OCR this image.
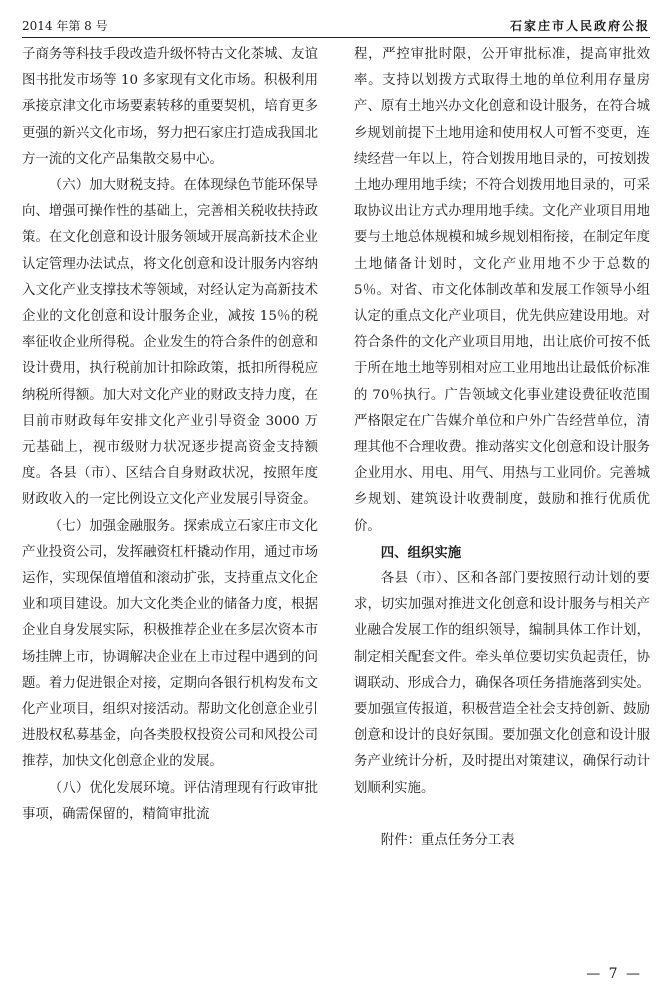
2014 年第 8 号	石家庄市人民政府公报

子商务等科技手段改造升级怀特古文化茶城、友谊图书批发市场等 10 多家现有文化市场。积极利用承接京津文化市场要素转移的重要契机，培育更多更强的新兴文化市场，努力把石家庄打造成我国北方一流的文化产品集散交易中心。

（六）加大财税支持。在体现绿色节能环保导向、增强可操作性的基础上，完善相关税收扶持政策。在文化创意和设计服务领域开展高新技术企业认定管理办法试点，将文化创意和设计服务内容纳入文化产业支撑技术等领域，对经认定为高新技术企业的文化创意和设计服务企业，减按 15％的税率征收企业所得税。企业发生的符合条件的创意和设计费用，执行税前加计扣除政策，抵扣所得税应纳税所得额。加大对文化产业的财政支持力度，在目前市财政每年安排文化产业引导资金 3000 万元基础上，视市级财力状况逐步提高资金支持额度。各县（市）、区结合自身财政状况，按照年度财政收入的一定比例设立文化产业发展引导资金。

（七）加强金融服务。探索成立石家庄市文化产业投资公司，发挥融资杠杆撬动作用，通过市场运作，实现保值增值和滚动扩张，支持重点文化企业和项目建设。加大文化类企业的储备力度，根据企业自身发展实际，积极推荐企业在多层次资本市场挂牌上市，协调解决企业在上市过程中遇到的问题。着力促进银企对接，定期向各银行机构发布文化产业项目，组织对接活动。帮助文化创意企业引进股权私募基金，向各类股权投资公司和风投公司推荐，加快文化创意企业的发展。

（八）优化发展环境。评估清理现有行政审批事项，确需保留的，精简审批流

程，严控审批时限，公开审批标准，提高审批效率。支持以划拨方式取得土地的单位利用存量房产、原有土地兴办文化创意和设计服务，在符合城乡规划前提下土地用途和使用权人可暂不变更，连续经营一年以上，符合划拨用地目录的，可按划拨土地办理用地手续；不符合划拨用地目录的，可采取协议出让方式办理用地手续。文化产业项目用地要与土地总体规模和城乡规划相衔接，在制定年度土地储备计划时，文化产业用地不少于总数的 5％。对省、市文化体制改革和发展工作领导小组认定的重点文化产业项目，优先供应建设用地。对符合条件的文化产业项目用地，出让底价可按不低于所在地土地等别相对应工业用地出让最低价标准的 70％执行。广告领域文化事业建设费征收范围严格限定在广告媒介单位和户外广告经营单位，清理其他不合理收费。推动落实文化创意和设计服务企业用水、用电、用气、用热与工业同价。完善城乡规划、建筑设计收费制度，鼓励和推行优质优价。

四、组织实施

各县（市）、区和各部门要按照行动计划的要求，切实加强对推进文化创意和设计服务与相关产业融合发展工作的组织领导，编制具体工作计划，制定相关配套文件。牵头单位要切实负起责任，协调联动、形成合力，确保各项任务措施落到实处。要加强宣传报道，积极营造全社会支持创新、鼓励创意和设计的良好氛围。要加强文化创意和设计服务产业统计分析，及时提出对策建议，确保行动计划顺利实施。

附件：重点任务分工表

— 7 —
